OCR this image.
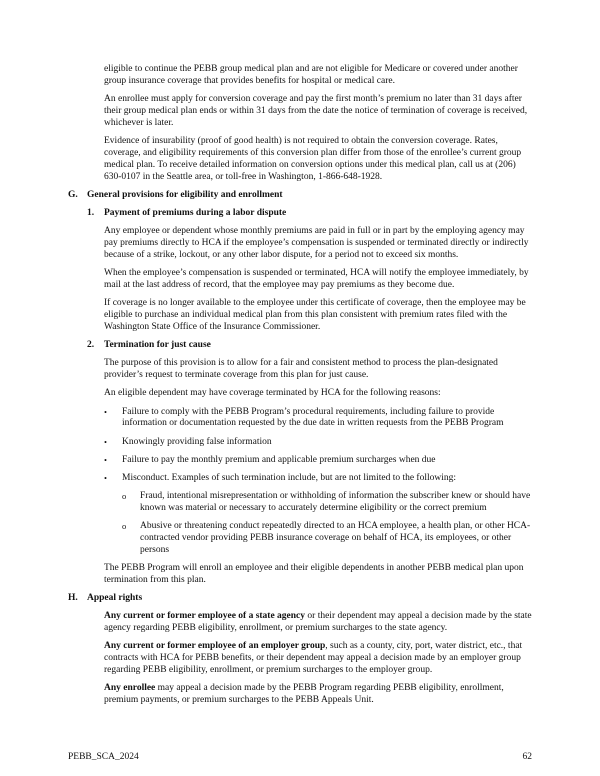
eligible to continue the PEBB group medical plan and are not eligible for Medicare or covered under another group insurance coverage that provides benefits for hospital or medical care.

An enrollee must apply for conversion coverage and pay the first month’s premium no later than 31 days after their group medical plan ends or within 31 days from the date the notice of termination of coverage is received, whichever is later.

Evidence of insurability (proof of good health) is not required to obtain the conversion coverage. Rates, coverage, and eligibility requirements of this conversion plan differ from those of the enrollee’s current group medical plan. To receive detailed information on conversion options under this medical plan, call us at (206) 630-0107 in the Seattle area, or toll-free in Washington, 1-866-648-1928.

G. General provisions for eligibility and enrollment
1.	Payment of premiums during a labor dispute

Any employee or dependent whose monthly premiums are paid in full or in part by the employing agency may pay premiums directly to HCA if the employee’s compensation is suspended or terminated directly or indirectly because of a strike, lockout, or any other labor dispute, for a period not to exceed six months.

When the employee’s compensation is suspended or terminated, HCA will notify the employee immediately, by mail at the last address of record, that the employee may pay premiums as they become due.

If coverage is no longer available to the employee under this certificate of coverage, then the employee may be eligible to purchase an individual medical plan from this plan consistent with premium rates filed with the Washington State Office of the Insurance Commissioner.

2.	Termination for just cause

The purpose of this provision is to allow for a fair and consistent method to process the plan-designated provider’s request to terminate coverage from this plan for just cause.

An eligible dependent may have coverage terminated by HCA for the following reasons:

•	Failure to comply with the PEBB Program’s procedural requirements, including failure to provide information or documentation requested by the due date in written requests from the PEBB Program
•	Knowingly providing false information
•	Failure to pay the monthly premium and applicable premium surcharges when due
•	Misconduct. Examples of such termination include, but are not limited to the following:
o	Fraud, intentional misrepresentation or withholding of information the subscriber knew or should have known was material or necessary to accurately determine eligibility or the correct premium
o	Abusive or threatening conduct repeatedly directed to an HCA employee, a health plan, or other HCA-contracted vendor providing PEBB insurance coverage on behalf of HCA, its employees, or other persons

The PEBB Program will enroll an employee and their eligible dependents in another PEBB medical plan upon termination from this plan.

H. Appeal rights

Any current or former employee of a state agency or their dependent may appeal a decision made by the state agency regarding PEBB eligibility, enrollment, or premium surcharges to the state agency.

Any current or former employee of an employer group, such as a county, city, port, water district, etc., that contracts with HCA for PEBB benefits, or their dependent may appeal a decision made by an employer group regarding PEBB eligibility, enrollment, or premium surcharges to the employer group.

Any enrollee may appeal a decision made by the PEBB Program regarding PEBB eligibility, enrollment, premium payments, or premium surcharges to the PEBB Appeals Unit.

PEBB_SCA_2024	62
